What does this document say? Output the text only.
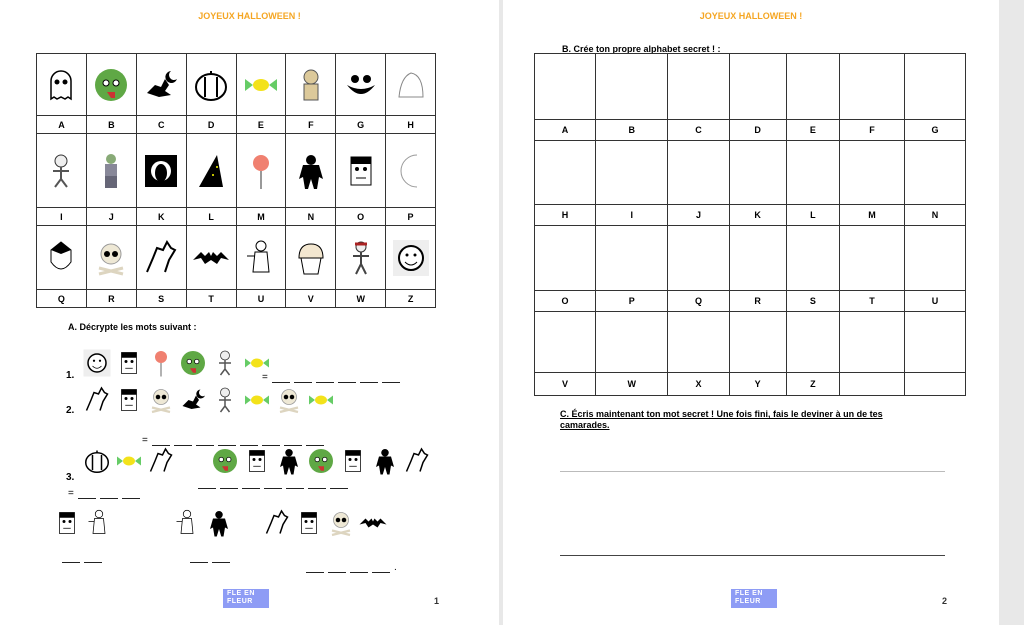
JOYEUX HALLOWEEN !

A	B	C	D	E	F	G	H

I	J	K	L	M	N	O	P

Q	R	S	T	U	V	W	Z
A. Décrypte les mots suivant :
1.	=
2.
=
3.
=
.
FLE EN FLEUR	1
JOYEUX HALLOWEEN !
B. Crée ton propre alphabet secret ! :

A	B	C	D	E	F	G

H	I	J	K	L	M	N

O	P	Q	R	S	T	U

V	W	X	Y	Z		
C. Écris maintenant ton mot secret ! Une fois fini, fais le deviner à un de tes camarades.
FLE EN FLEUR	2
